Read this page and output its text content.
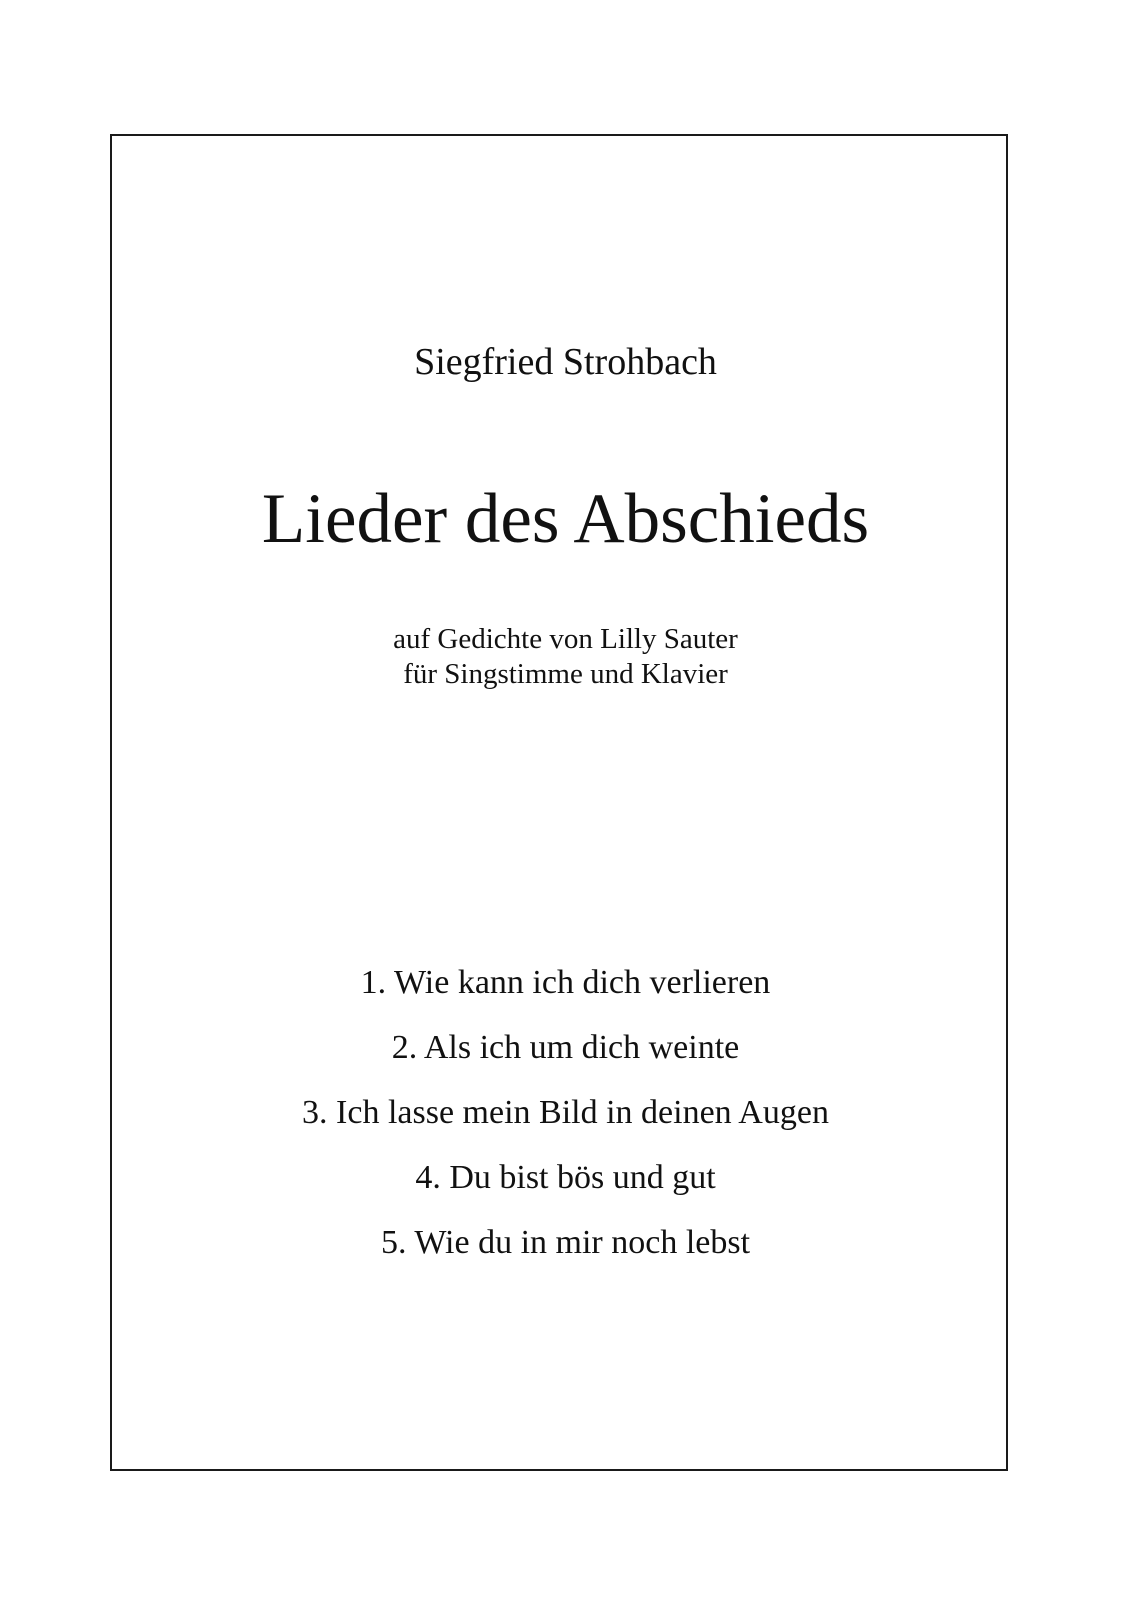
Siegfried Strohbach
Lieder des Abschieds
auf Gedichte von Lilly Sauter
für Singstimme und Klavier
1. Wie kann ich dich verlieren
2. Als ich um dich weinte
3. Ich lasse mein Bild in deinen Augen
4. Du bist bös und gut
5. Wie du in mir noch lebst
